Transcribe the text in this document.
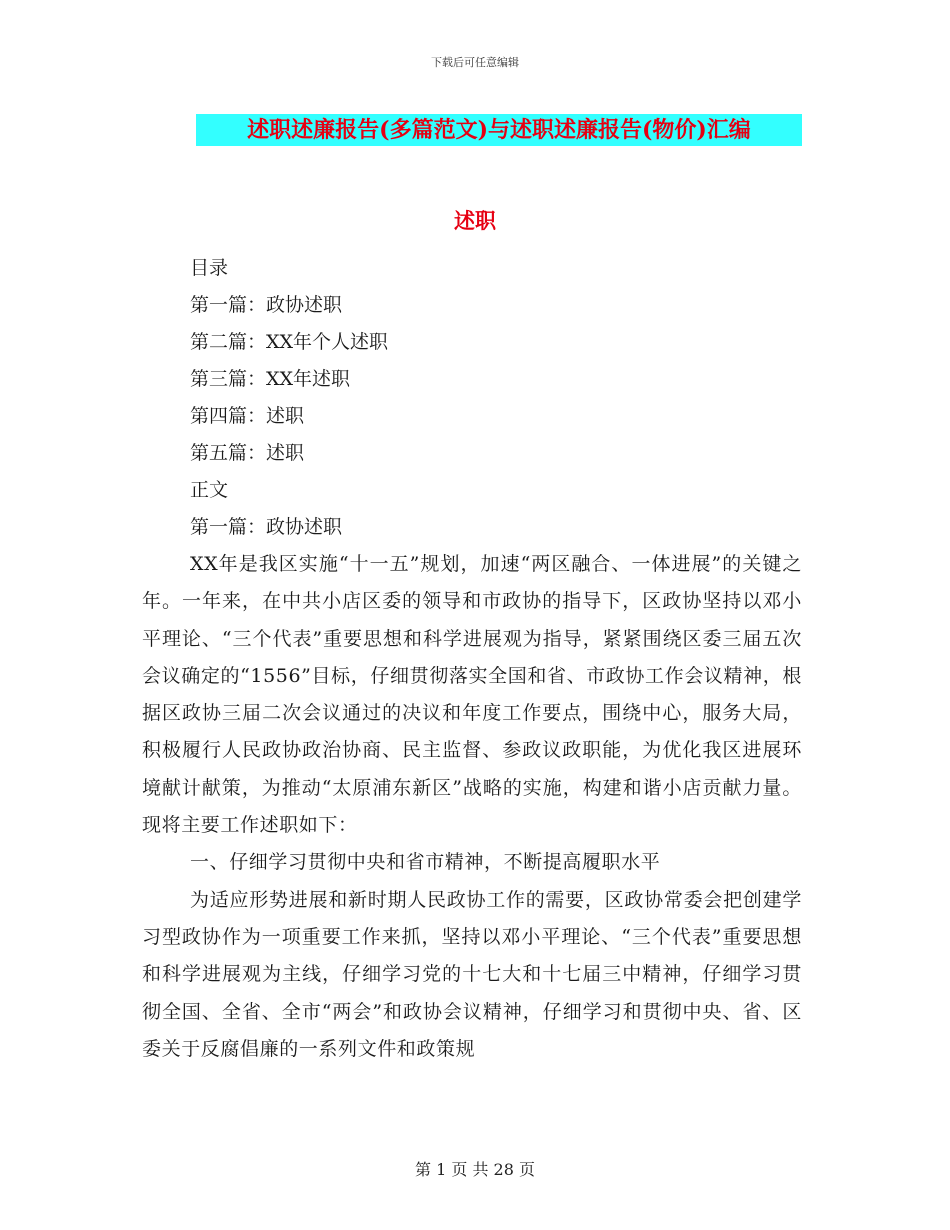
下载后可任意编辑
述职述廉报告(多篇范文)与述职述廉报告(物价)汇编
述职
目录
第一篇：政协述职
第二篇：XX年个人述职
第三篇：XX年述职
第四篇：述职
第五篇：述职
正文
第一篇：政协述职

XX年是我区实施“十一五”规划，加速“两区融合、一体进展”的关键之年。一年来，在中共小店区委的领导和市政协的指导下，区政协坚持以邓小平理论、“三个代表”重要思想和科学进展观为指导，紧紧围绕区委三届五次会议确定的“1556”目标，仔细贯彻落实全国和省、市政协工作会议精神，根据区政协三届二次会议通过的决议和年度工作要点，围绕中心，服务大局，积极履行人民政协政治协商、民主监督、参政议政职能，为优化我区进展环境献计献策，为推动“太原浦东新区”战略的实施，构建和谐小店贡献力量。现将主要工作述职如下：

一、仔细学习贯彻中央和省市精神，不断提高履职水平

为适应形势进展和新时期人民政协工作的需要，区政协常委会把创建学习型政协作为一项重要工作来抓，坚持以邓小平理论、“三个代表”重要思想和科学进展观为主线，仔细学习党的十七大和十七届三中精神，仔细学习贯彻全国、全省、全市“两会”和政协会议精神，仔细学习和贯彻中央、省、区委关于反腐倡廉的一系列文件和政策规

第 1 页 共 28 页
